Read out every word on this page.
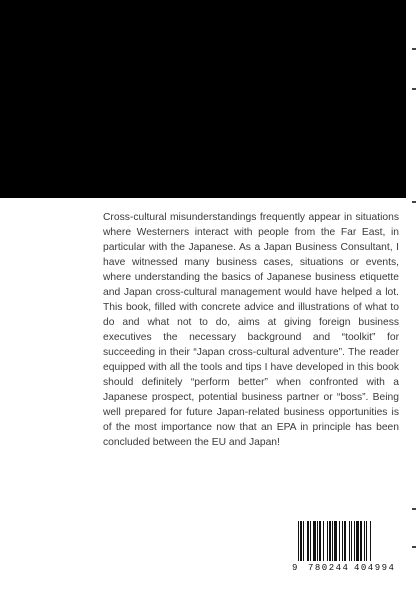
Cross-cultural misunderstandings frequently appear in situations where Westerners interact with people from the Far East, in particular with the Japanese. As a Japan Business Consultant, I have witnessed many business cases, situations or events, where understanding the basics of Japanese business etiquette and Japan cross-cultural management would have helped a lot. This book, filled with concrete advice and illustrations of what to do and what not to do, aims at giving foreign business executives the necessary background and “toolkit” for succeeding in their “Japan cross-cultural adventure”. The reader equipped with all the tools and tips I have developed in this book should definitely “perform better” when confronted with a Japanese prospect, potential business partner or “boss”. Being well prepared for future Japan-related business opportunities is of the most importance now that an EPA in principle has been concluded between the EU and Japan!

9 780244 404994
